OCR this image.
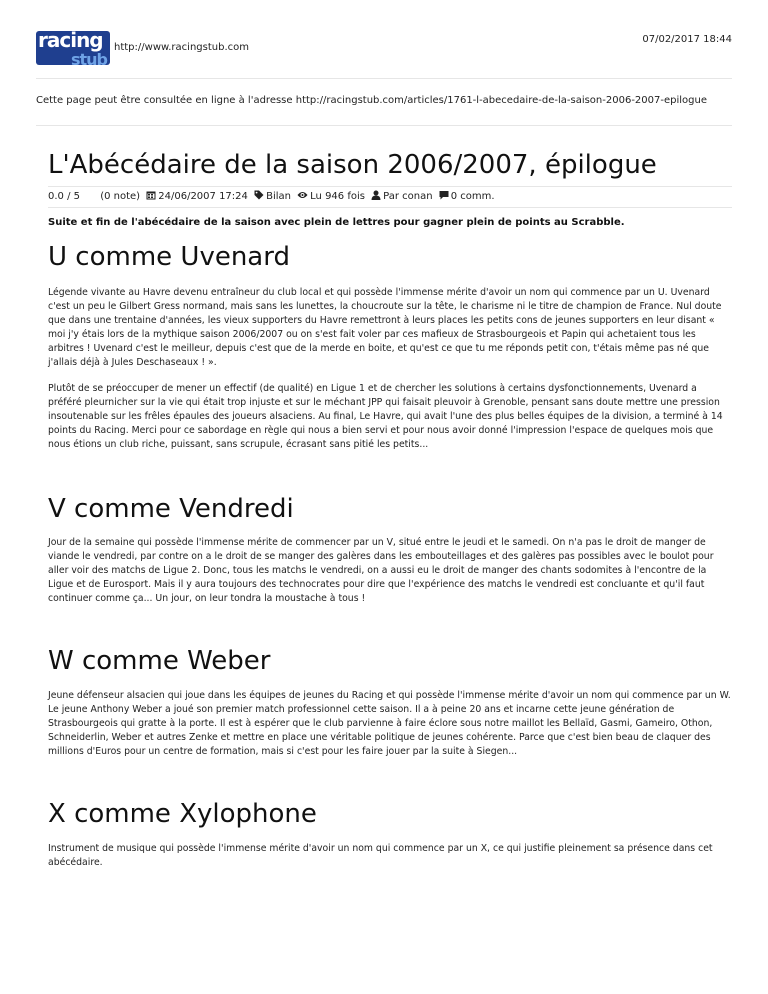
racing
stub
http://www.racingstub.com
07/02/2017 18:44
Cette page peut être consultée en ligne à l'adresse http://racingstub.com/articles/1761-l-abecedaire-de-la-saison-2006-2007-epilogue
L'Abécédaire de la saison 2006/2007, épilogue
0.0 / 5 (0 note) 24/06/2007 17:24 Bilan Lu 946 fois Par conan 0 comm.
Suite et fin de l'abécédaire de la saison avec plein de lettres pour gagner plein de points au Scrabble.
U comme Uvenard

Légende vivante au Havre devenu entraîneur du club local et qui possède l'immense mérite d'avoir un nom qui commence par un U. Uvenard c'est un peu le Gilbert Gress normand, mais sans les lunettes, la choucroute sur la tête, le charisme ni le titre de champion de France. Nul doute que dans une trentaine d'années, les vieux supporters du Havre remettront à leurs places les petits cons de jeunes supporters en leur disant « moi j'y étais lors de la mythique saison 2006/2007 ou on s'est fait voler par ces mafieux de Strasbourgeois et Papin qui achetaient tous les arbitres ! Uvenard c'est le meilleur, depuis c'est que de la merde en boite, et qu'est ce que tu me réponds petit con, t'étais même pas né que j'allais déjà à Jules Deschaseaux ! ».

Plutôt de se préoccuper de mener un effectif (de qualité) en Ligue 1 et de chercher les solutions à certains dysfonctionnements, Uvenard a préféré pleurnicher sur la vie qui était trop injuste et sur le méchant JPP qui faisait pleuvoir à Grenoble, pensant sans doute mettre une pression insoutenable sur les frêles épaules des joueurs alsaciens. Au final, Le Havre, qui avait l'une des plus belles équipes de la division, a terminé à 14 points du Racing. Merci pour ce sabordage en règle qui nous a bien servi et pour nous avoir donné l'impression l'espace de quelques mois que nous étions un club riche, puissant, sans scrupule, écrasant sans pitié les petits...

V comme Vendredi

Jour de la semaine qui possède l'immense mérite de commencer par un V, situé entre le jeudi et le samedi. On n'a pas le droit de manger de viande le vendredi, par contre on a le droit de se manger des galères dans les embouteillages et des galères pas possibles avec le boulot pour aller voir des matchs de Ligue 2. Donc, tous les matchs le vendredi, on a aussi eu le droit de manger des chants sodomites à l'encontre de la Ligue et de Eurosport. Mais il y aura toujours des technocrates pour dire que l'expérience des matchs le vendredi est concluante et qu'il faut continuer comme ça... Un jour, on leur tondra la moustache à tous !

W comme Weber

Jeune défenseur alsacien qui joue dans les équipes de jeunes du Racing et qui possède l'immense mérite d'avoir un nom qui commence par un W. Le jeune Anthony Weber a joué son premier match professionnel cette saison. Il a à peine 20 ans et incarne cette jeune génération de Strasbourgeois qui gratte à la porte. Il est à espérer que le club parvienne à faire éclore sous notre maillot les Bellaïd, Gasmi, Gameiro, Othon, Schneiderlin, Weber et autres Zenke et mettre en place une véritable politique de jeunes cohérente. Parce que c'est bien beau de claquer des millions d'Euros pour un centre de formation, mais si c'est pour les faire jouer par la suite à Siegen...

X comme Xylophone

Instrument de musique qui possède l'immense mérite d'avoir un nom qui commence par un X, ce qui justifie pleinement sa présence dans cet abécédaire.
